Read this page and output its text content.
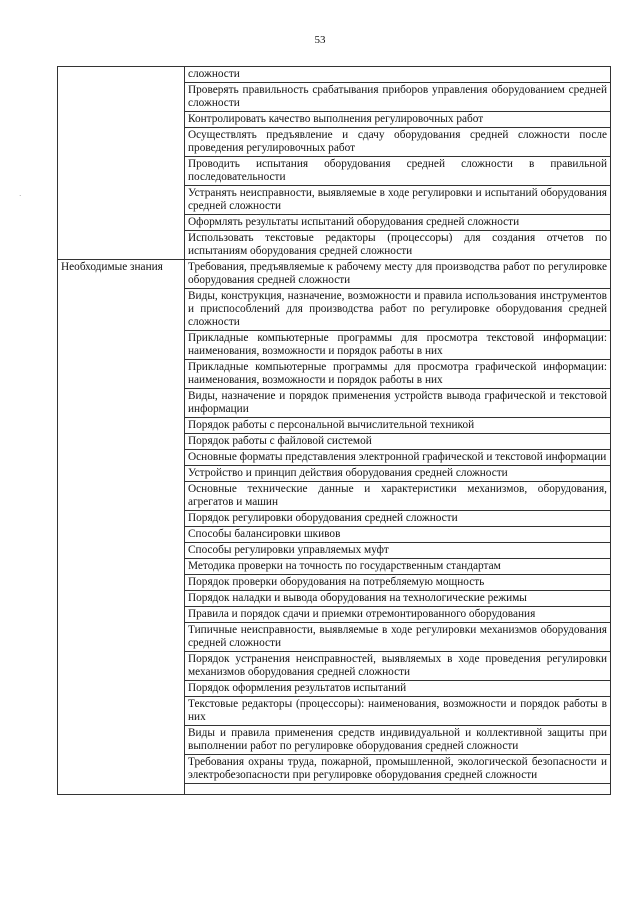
53
·
	сложности
	Проверять правильность срабатывания приборов управления оборудованием средней сложности
	Контролировать качество выполнения регулировочных работ
	Осуществлять предъявление и сдачу оборудования средней сложности после проведения регулировочных работ
	Проводить испытания оборудования средней сложности в правильной последовательности
	Устранять неисправности, выявляемые в ходе регулировки и испытаний оборудования средней сложности
	Оформлять результаты испытаний оборудования средней сложности
	Использовать текстовые редакторы (процессоры) для создания отчетов по испытаниям оборудования средней сложности
Необходимые знания	Требования, предъявляемые к рабочему месту для производства работ по регулировке оборудования средней сложности
	Виды, конструкция, назначение, возможности и правила использования инструментов и приспособлений для производства работ по регулировке оборудования средней сложности
	Прикладные компьютерные программы для просмотра текстовой информации: наименования, возможности и порядок работы в них
	Прикладные компьютерные программы для просмотра графической информации: наименования, возможности и порядок работы в них
	Виды, назначение и порядок применения устройств вывода графической и текстовой информации
	Порядок работы с персональной вычислительной техникой
	Порядок работы с файловой системой
	Основные форматы представления электронной графической и текстовой информации
	Устройство и принцип действия оборудования средней сложности
	Основные технические данные и характеристики механизмов, оборудования, агрегатов и машин
	Порядок регулировки оборудования средней сложности
	Способы балансировки шкивов
	Способы регулировки управляемых муфт
	Методика проверки на точность по государственным стандартам
	Порядок проверки оборудования на потребляемую мощность
	Порядок наладки и вывода оборудования на технологические режимы
	Правила и порядок сдачи и приемки отремонтированного оборудования
	Типичные неисправности, выявляемые в ходе регулировки механизмов оборудования средней сложности
	Порядок устранения неисправностей, выявляемых в ходе проведения регулировки механизмов оборудования средней сложности
	Порядок оформления результатов испытаний
	Текстовые редакторы (процессоры): наименования, возможности и порядок работы в них
	Виды и правила применения средств индивидуальной и коллективной защиты при выполнении работ по регулировке оборудования средней сложности
	Требования охраны труда, пожарной, промышленной, экологической безопасности и электробезопасности при регулировке оборудования средней сложности
